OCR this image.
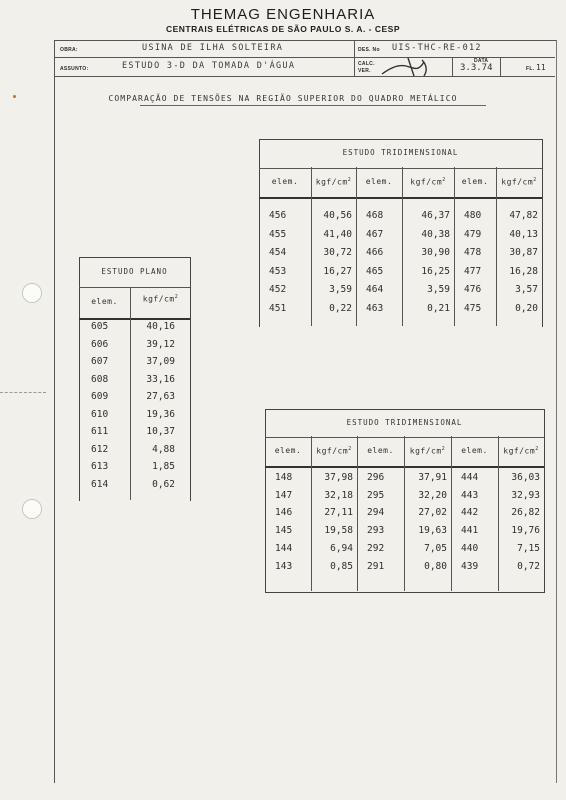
THEMAG ENGENHARIA
CENTRAIS ELÉTRICAS DE SÃO PAULO S. A. - CESP
OBRA:	USINA DE ILHA SOLTEIRA
ASSUNTO:	ESTUDO 3-D DA TOMADA D'ÁGUA
DES. No UIS-THC-RE-012
CALC.
VER.
DATA
3.3.74	FL. 11
COMPARAÇÃO DE TENSÕES NA REGIÃO SUPERIOR DO QUADRO METÁLICO
ESTUDO PLANO
elem.	kgf/$cm^2$
605	40,16
606	39,12
607	37,09
608	33,16
609	27,63
610	19,36
611	10,37
612	4,88
613	1,85
614	0,62
ESTUDO TRIDIMENSIONAL
elem.	kgf/$cm^2$	elem.	kgf/$cm^2$	elem.	kgf/$cm^2$
456	40,56 468	46,37 480	47,82
455	41,40 467	40,38 479	40,13
454	30,72 466	30,90 478	30,87
453	16,27 465	16,25 477	16,28
452	3,59 464	3,59 476	3,57
451	0,22 463	0,21 475	0,20
ESTUDO TRIDIMENSIONAL
elem.	kgf/$cm^2$	elem.	kgf/$cm^2$	elem.	kgf/$cm^2$
148	37,98 296	37,91 444	36,03
147	32,18 295	32,20 443	32,93
146	27,11 294	27,02 442	26,82
145	19,58 293	19,63 441	19,76
144	6,94 292	7,05 440	7,15
143	0,85 291	0,80 439	0,72
